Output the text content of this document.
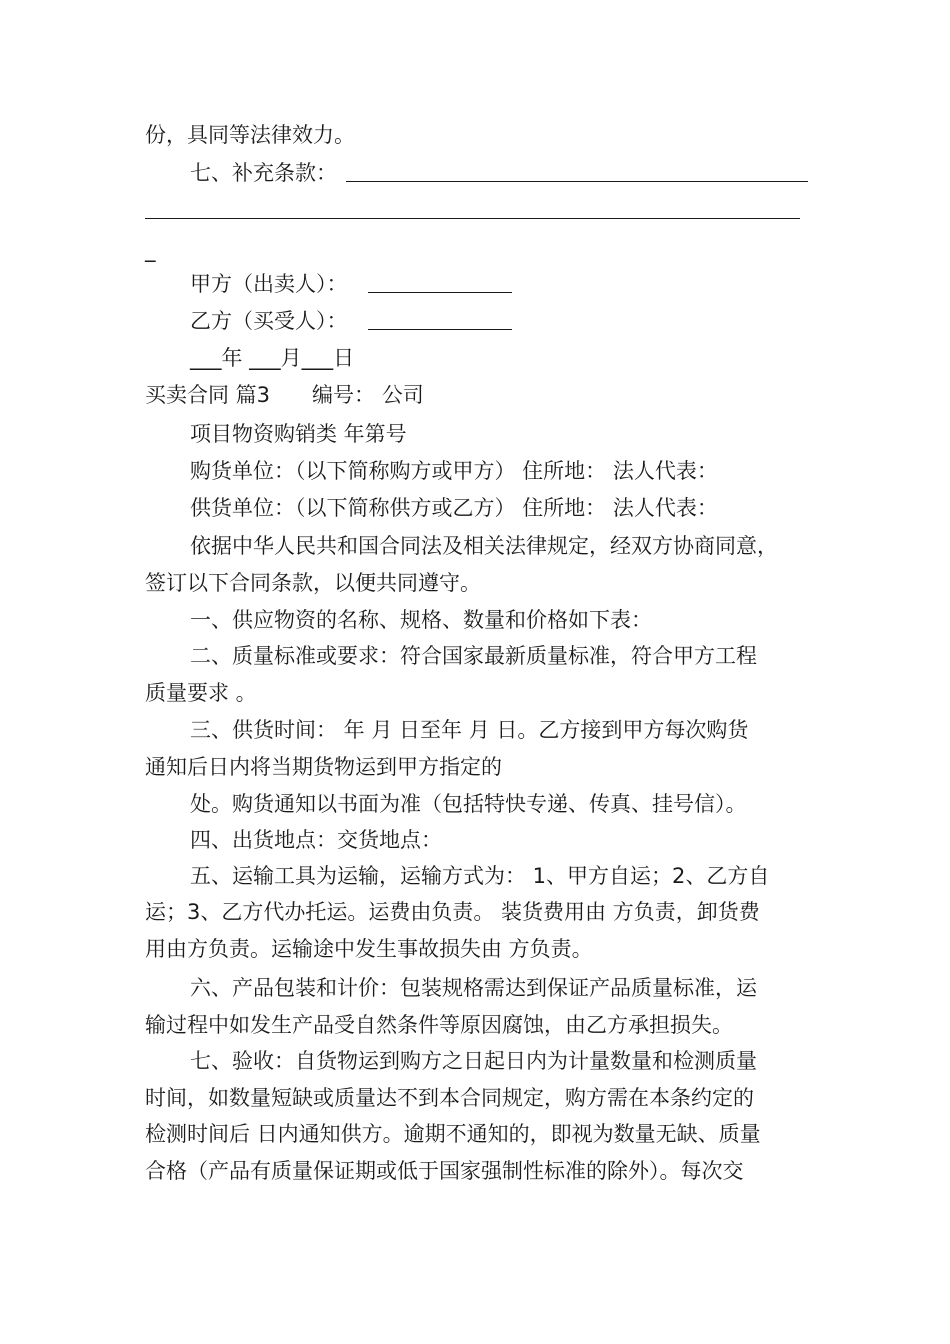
份，具同等法律效力。
七、补充条款：
_
甲方（出卖人）：
乙方（买受人）：
___年 ___月___日
买卖合同 篇3　　编号： 公司
项目物资购销类 年第号
购货单位：（以下简称购方或甲方） 住所地： 法人代表：
供货单位：（以下简称供方或乙方） 住所地： 法人代表：
依据中华人民共和国合同法及相关法律规定，经双方协商同意，
签订以下合同条款，以便共同遵守。
一、供应物资的名称、规格、数量和价格如下表：
二、质量标准或要求：符合国家最新质量标准，符合甲方工程
质量要求 。
三、供货时间： 年 月 日至年 月 日。乙方接到甲方每次购货
通知后日内将当期货物运到甲方指定的
处。购货通知以书面为准（包括特快专递、传真、挂号信）。
四、出货地点：交货地点：
五、运输工具为运输，运输方式为： 1、甲方自运；2、乙方自
运；3、乙方代办托运。运费由负责。 装货费用由 方负责，卸货费
用由方负责。运输途中发生事故损失由 方负责。
六、产品包装和计价：包装规格需达到保证产品质量标准，运
输过程中如发生产品受自然条件等原因腐蚀，由乙方承担损失。
七、验收：自货物运到购方之日起日内为计量数量和检测质量
时间，如数量短缺或质量达不到本合同规定，购方需在本条约定的
检测时间后 日内通知供方。逾期不通知的，即视为数量无缺、质量
合格（产品有质量保证期或低于国家强制性标准的除外）。每次交
